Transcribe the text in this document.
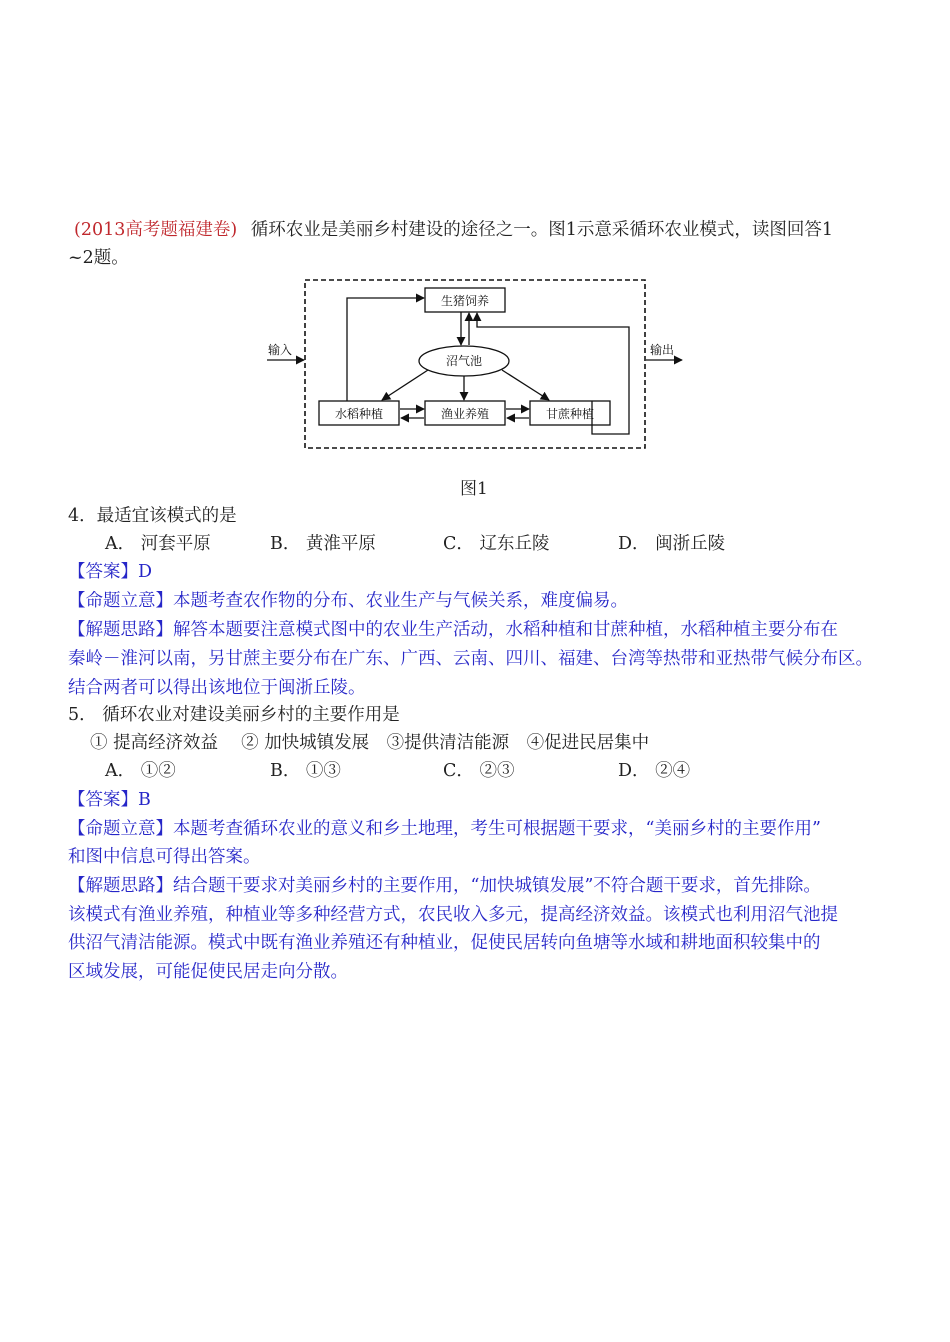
(2013高考题福建卷) 循环农业是美丽乡村建设的途径之一。图1示意采循环农业模式，读图回答1
~2题。
输入	输出
生猪饲养
沼气池
水稻种植	渔业养殖	甘蔗种植
图1
4．最适宜该模式的是
A． 河套平原	B． 黄淮平原	C． 辽东丘陵	D． 闽浙丘陵
【答案】D
【命题立意】本题考查农作物的分布、农业生产与气候关系，难度偏易。
【解题思路】解答本题要注意模式图中的农业生产活动，水稻种植和甘蔗种植，水稻种植主要分布在
秦岭－淮河以南，另甘蔗主要分布在广东、广西、云南、四川、福建、台湾等热带和亚热带气候分布区。
结合两者可以得出该地位于闽浙丘陵。
5． 循环农业对建设美丽乡村的主要作用是
① 提高经济效益　 ② 加快城镇发展　③提供清洁能源　④促进民居集中
A． ①②	B． ①③	C． ②③	D． ②④
【答案】B
【命题立意】本题考查循环农业的意义和乡土地理，考生可根据题干要求，“美丽乡村的主要作用”
和图中信息可得出答案。
【解题思路】结合题干要求对美丽乡村的主要作用，“加快城镇发展”不符合题干要求，首先排除。
该模式有渔业养殖，种植业等多种经营方式，农民收入多元，提高经济效益。该模式也利用沼气池提
供沼气清洁能源。模式中既有渔业养殖还有种植业，促使民居转向鱼塘等水域和耕地面积较集中的
区域发展，可能促使民居走向分散。
